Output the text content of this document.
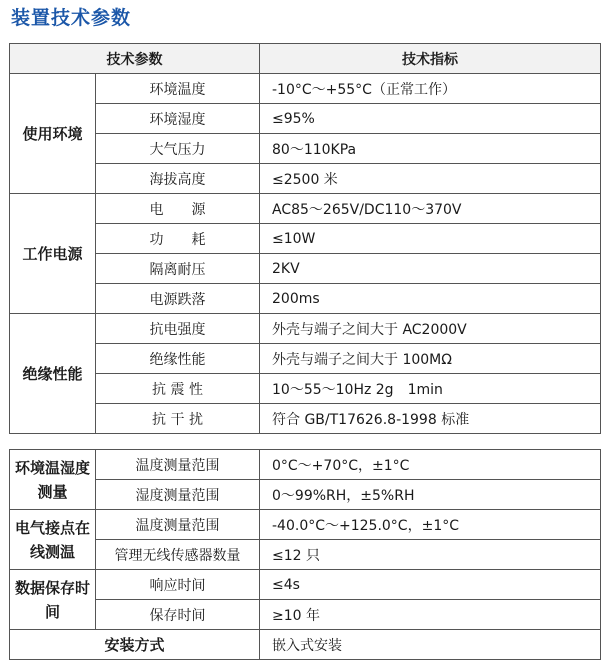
装置技术参数
技术参数		技术指标
使用环境	环境温度	-10°C～+55°C（正常工作）
	环境湿度	≤95%
	大气压力	80～110KPa
	海拔高度	≤2500 米
工作电源	电　　源	AC85～265V/DC110～370V
	功　　耗	≤10W
	隔离耐压	2KV
	电源跌落	200ms
绝缘性能	抗电强度	外壳与端子之间大于 AC2000V
	绝缘性能	外壳与端子之间大于 100MΩ
	抗 震 性	10～55～10Hz 2g　1min
	抗 干 扰	符合 GB/T17626.8-1998 标准
环境温湿度测量	温度测量范围	0°C～+70°C，±1°C
	湿度测量范围	0～99%RH，±5%RH
电气接点在线测温	温度测量范围	-40.0°C～+125.0°C，±1°C
	管理无线传感器数量	≤12 只
数据保存时间	响应时间	≤4s
	保存时间	≥10 年
安装方式		嵌入式安装
